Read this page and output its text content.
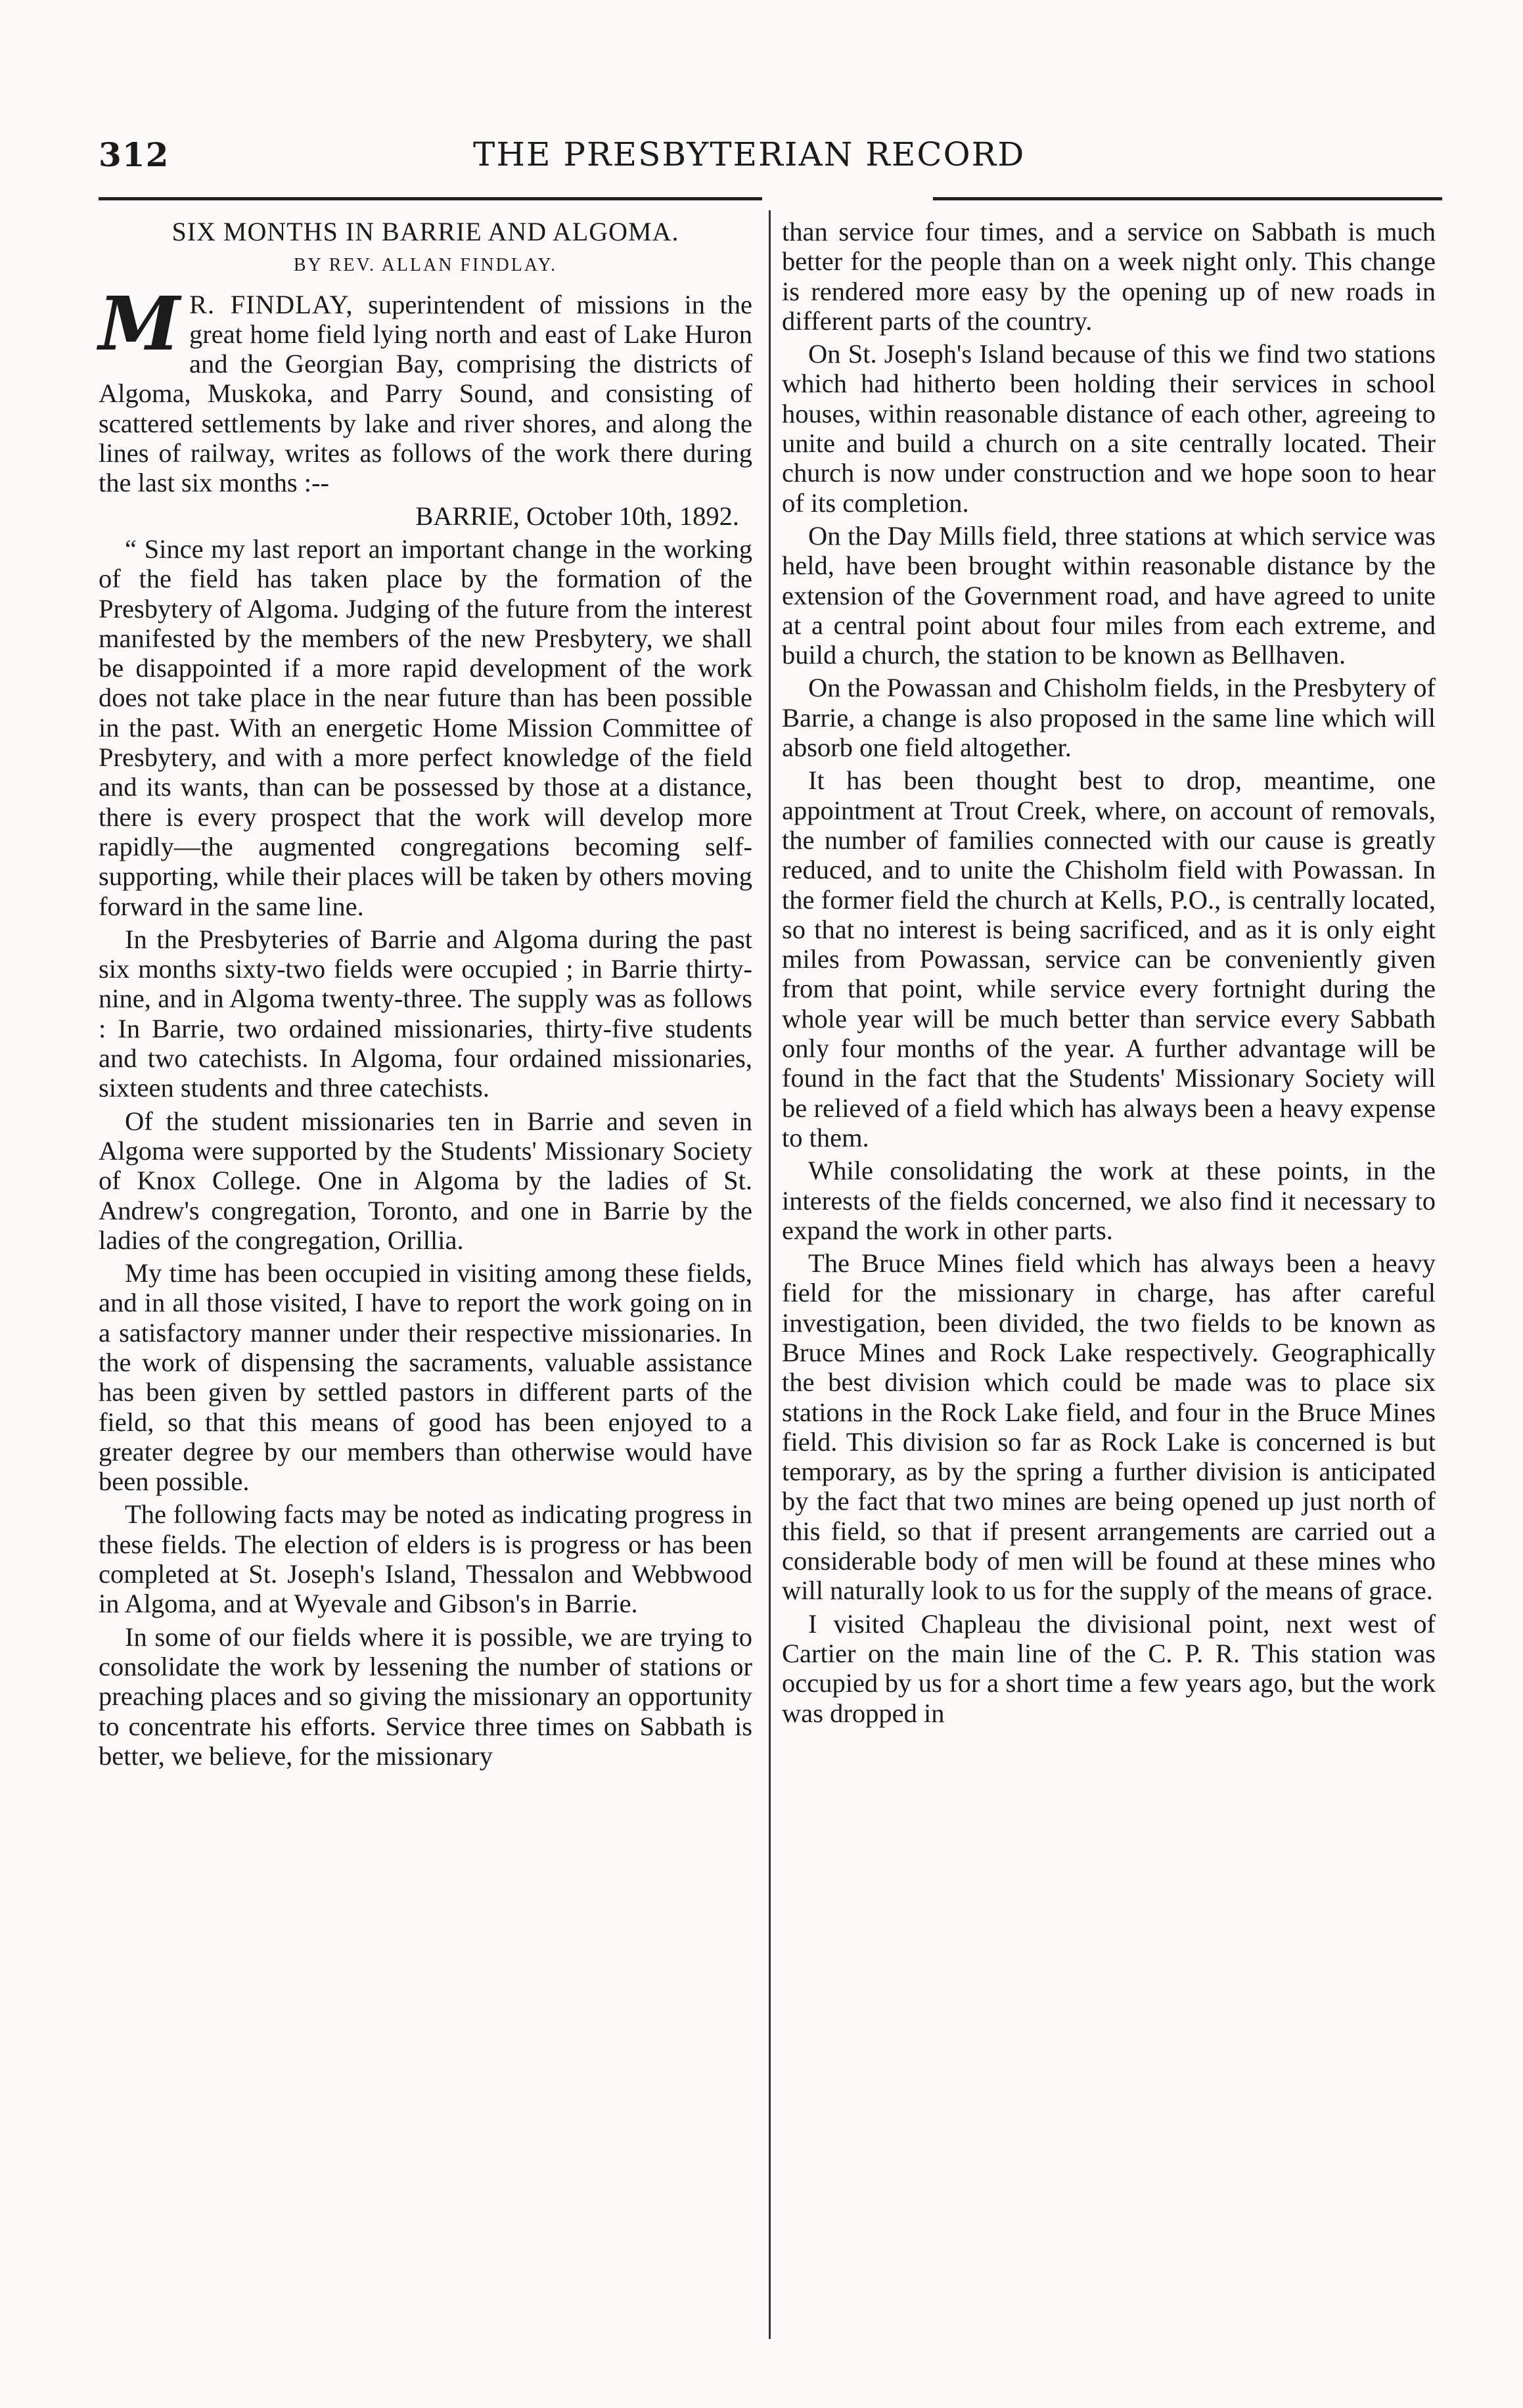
312	THE PRESBYTERIAN RECORD
SIX MONTHS IN BARRIE AND ALGOMA.
BY REV. ALLAN FINDLAY.

M R. FINDLAY, superintendent of missions in the great home field lying north and east of Lake Huron and the Georgian Bay, comprising the districts of Algoma, Muskoka, and Parry Sound, and consisting of scattered settlements by lake and river shores, and along the lines of railway, writes as follows of the work there during the last six months :--

BARRIE, October 10th, 1892.

“ Since my last report an important change in the working of the field has taken place by the formation of the Presbytery of Algoma. Judging of the future from the interest manifested by the members of the new Presbytery, we shall be disappointed if a more rapid development of the work does not take place in the near future than has been possible in the past. With an energetic Home Mission Committee of Presbytery, and with a more perfect knowledge of the field and its wants, than can be possessed by those at a distance, there is every prospect that the work will develop more rapidly—the augmented congregations becoming self-supporting, while their places will be taken by others moving forward in the same line.

In the Presbyteries of Barrie and Algoma during the past six months sixty-two fields were occupied ; in Barrie thirty-nine, and in Algoma twenty-three. The supply was as follows : In Barrie, two ordained missionaries, thirty-five students and two catechists. In Algoma, four ordained missionaries, sixteen students and three catechists.

Of the student missionaries ten in Barrie and seven in Algoma were supported by the Students' Missionary Society of Knox College. One in Algoma by the ladies of St. Andrew's congregation, Toronto, and one in Barrie by the ladies of the congregation, Orillia.

My time has been occupied in visiting among these fields, and in all those visited, I have to report the work going on in a satisfactory manner under their respective missionaries. In the work of dispensing the sacraments, valuable assistance has been given by settled pastors in different parts of the field, so that this means of good has been enjoyed to a greater degree by our members than otherwise would have been possible.

The following facts may be noted as indicating progress in these fields. The election of elders is is progress or has been completed at St. Joseph's Island, Thessalon and Webbwood in Algoma, and at Wyevale and Gibson's in Barrie.

In some of our fields where it is possible, we are trying to consolidate the work by lessening the number of stations or preaching places and so giving the missionary an opportunity to concentrate his efforts. Service three times on Sabbath is better, we believe, for the missionary

than service four times, and a service on Sabbath is much better for the people than on a week night only. This change is rendered more easy by the opening up of new roads in different parts of the country.

On St. Joseph's Island because of this we find two stations which had hitherto been holding their services in school houses, within reasonable distance of each other, agreeing to unite and build a church on a site centrally located. Their church is now under construction and we hope soon to hear of its completion.

On the Day Mills field, three stations at which service was held, have been brought within reasonable distance by the extension of the Government road, and have agreed to unite at a central point about four miles from each extreme, and build a church, the station to be known as Bellhaven.

On the Powassan and Chisholm fields, in the Presbytery of Barrie, a change is also proposed in the same line which will absorb one field altogether.

It has been thought best to drop, meantime, one appointment at Trout Creek, where, on account of removals, the number of families connected with our cause is greatly reduced, and to unite the Chisholm field with Powassan. In the former field the church at Kells, P.O., is centrally located, so that no interest is being sacrificed, and as it is only eight miles from Powassan, service can be conveniently given from that point, while service every fortnight during the whole year will be much better than service every Sabbath only four months of the year. A further advantage will be found in the fact that the Students' Missionary Society will be relieved of a field which has always been a heavy expense to them.

While consolidating the work at these points, in the interests of the fields concerned, we also find it necessary to expand the work in other parts.

The Bruce Mines field which has always been a heavy field for the missionary in charge, has after careful investigation, been divided, the two fields to be known as Bruce Mines and Rock Lake respectively. Geographically the best division which could be made was to place six stations in the Rock Lake field, and four in the Bruce Mines field. This division so far as Rock Lake is concerned is but temporary, as by the spring a further division is anticipated by the fact that two mines are being opened up just north of this field, so that if present arrangements are carried out a considerable body of men will be found at these mines who will naturally look to us for the supply of the means of grace.

I visited Chapleau the divisional point, next west of Cartier on the main line of the C. P. R. This station was occupied by us for a short time a few years ago, but the work was dropped in
